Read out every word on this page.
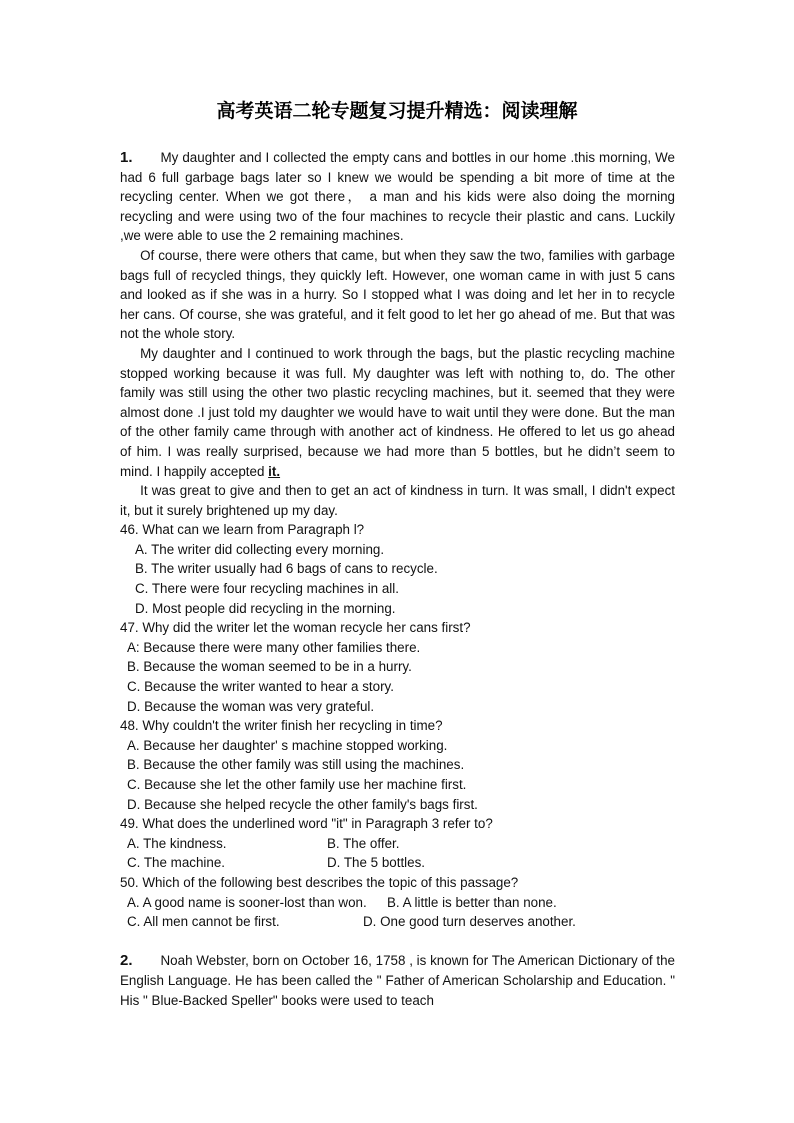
高考英语二轮专题复习提升精选：阅读理解

1. My daughter and I collected the empty cans and bottles in our home .this morning, We had 6 full garbage bags later so I knew we would be spending a bit more of time at the recycling center. When we got there， a man and his kids were also doing the morning recycling and were using two of the four machines to recycle their plastic and cans. Luckily ,we were able to use the 2 remaining machines.

Of course, there were others that came, but when they saw the two, families with garbage bags full of recycled things, they quickly left. However, one woman came in with just 5 cans and looked as if she was in a hurry. So I stopped what I was doing and let her in to recycle her cans. Of course, she was grateful, and it felt good to let her go ahead of me. But that was not the whole story.

My daughter and I continued to work through the bags, but the plastic recycling machine stopped working because it was full. My daughter was left with nothing to, do. The other family was still using the other two plastic recycling machines, but it. seemed that they were almost done .I just told my daughter we would have to wait until they were done. But the man of the other family came through with another act of kindness. He offered to let us go ahead of him. I was really surprised, because we had more than 5 bottles, but he didn’t seem to mind. I happily accepted it.

It was great to give and then to get an act of kindness in turn. It was small, I didn't expect it, but it surely brightened up my day.

46. What can we learn from Paragraph l?

A. The writer did collecting every morning.

B. The writer usually had 6 bags of cans to recycle.

C. There were four recycling machines in all.

D. Most people did recycling in the morning.

47. Why did the writer let the woman recycle her cans first?

A: Because there were many other families there.

B. Because the woman seemed to be in a hurry.

C. Because the writer wanted to hear a story.

D. Because the woman was very grateful.

48. Why couldn't the writer finish her recycling in time?

A. Because her daughter' s machine stopped working.

B. Because the other family was still using the machines.

C. Because she let the other family use her machine first.

D. Because she helped recycle the other family's bags first.

49. What does the underlined word "it" in Paragraph 3 refer to?

A. The kindness.	B. The offer.
C. The machine.	D. The 5 bottles.

50. Which of the following best describes the topic of this passage?

A. A good name is sooner-lost than won.	B. A little is better than none.
C. All men cannot be first.	D. One good turn deserves another.

2. Noah Webster, born on October 16, 1758 , is known for The American Dictionary of the English Language. He has been called the " Father of American Scholarship and Education. " His " Blue-Backed Speller" books were used to teach
